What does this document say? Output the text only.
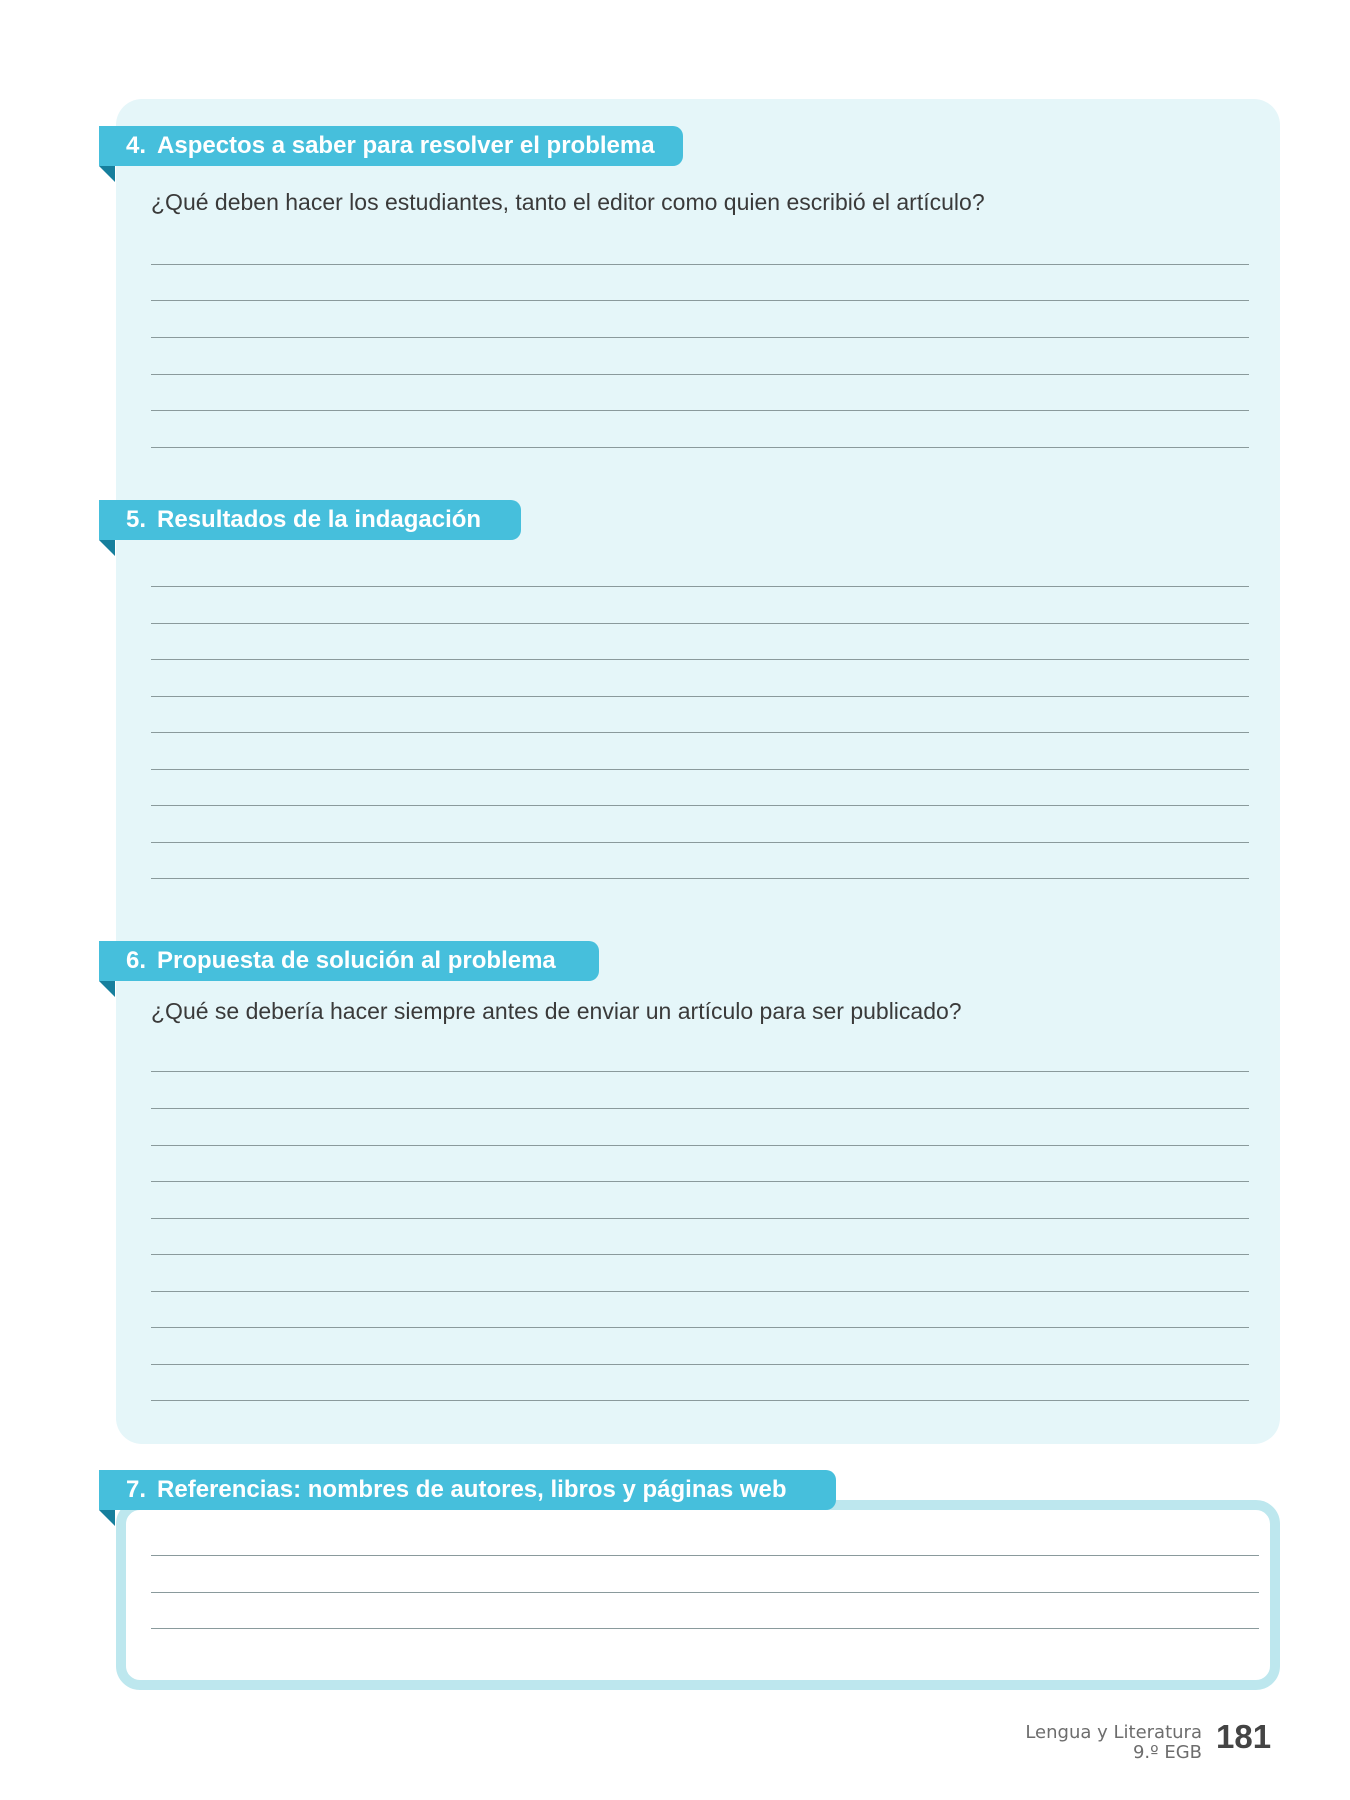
4. Aspectos a saber para resolver el problema
¿Qué deben hacer los estudiantes, tanto el editor como quien escribió el artículo?
5. Resultados de la indagación
6. Propuesta de solución al problema
¿Qué se debería hacer siempre antes de enviar un artículo para ser publicado?
7. Referencias: nombres de autores, libros y páginas web
Lengua y Literatura
9.º EGB 181
